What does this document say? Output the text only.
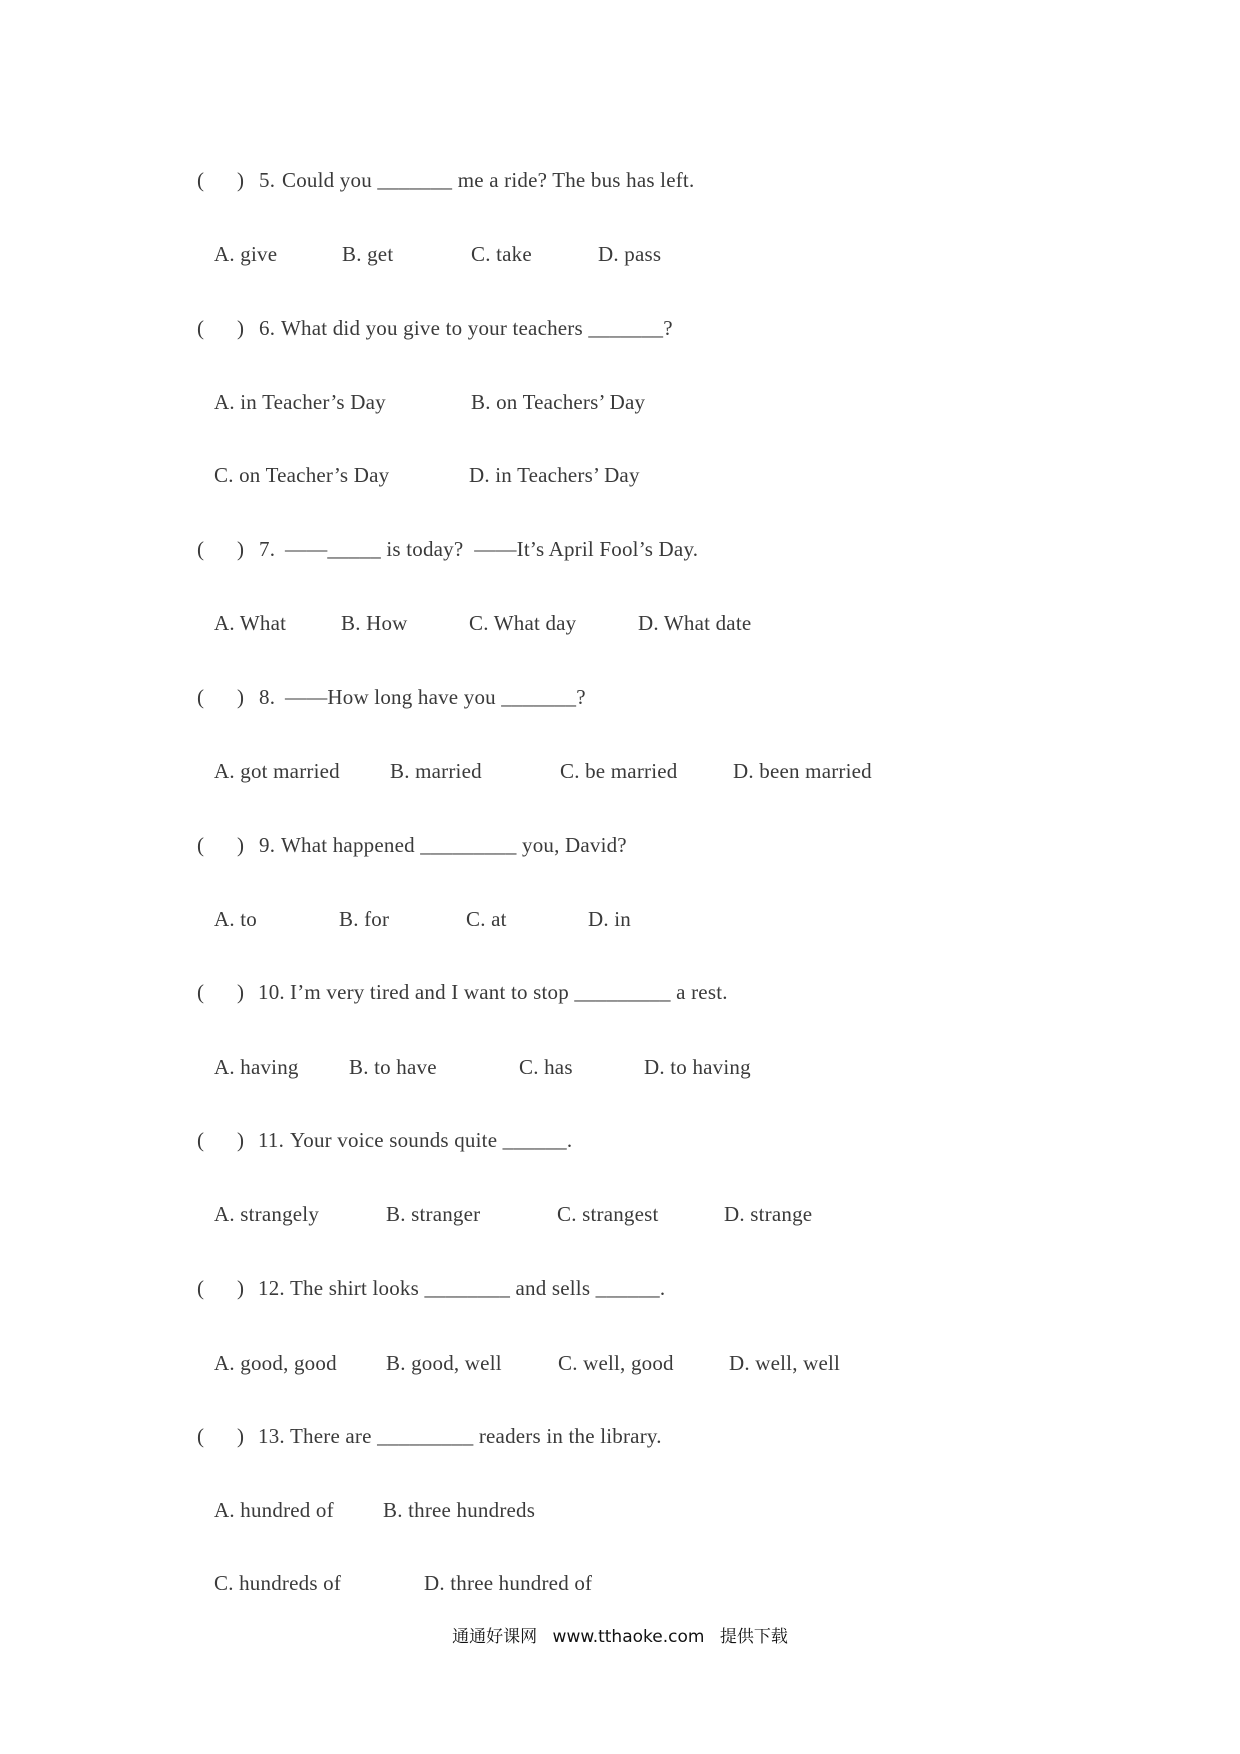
(

)

5.

Could you _______ me a ride? The bus has left.

A. give	B. get	C. take	D. pass

(

)

6.

What did you give to your teachers _______?

A. in Teacher’s Day	B. on Teachers’ Day
C. on Teacher’s Day	D. in Teachers’ Day

(

)

7.

——_____ is today?  ——It’s April Fool’s Day.

A. What	B. How	C. What day	D. What date

(

)

8.

——How long have you _______?

A. got married B. married	C. be married	D. been married

(

)

9.

What happened _________ you, David?

A. to	B. for	C. at	D. in

(

)

10.

I’m very tired and I want to stop _________ a rest.

A. having B. to have	C. has	D. to having

(

)

11.

Your voice sounds quite ______.

A. strangely	B. stranger	C. strangest	D. strange

(

)

12.

The shirt looks ________ and sells ______.

A. good, good B. good, well	C. well, good	D. well, well

(

)

13.

There are _________ readers in the library.

A. hundred of B. three hundreds
C. hundreds of	D. three hundred of
通通好课网 www.tthaoke.com 提供下载
